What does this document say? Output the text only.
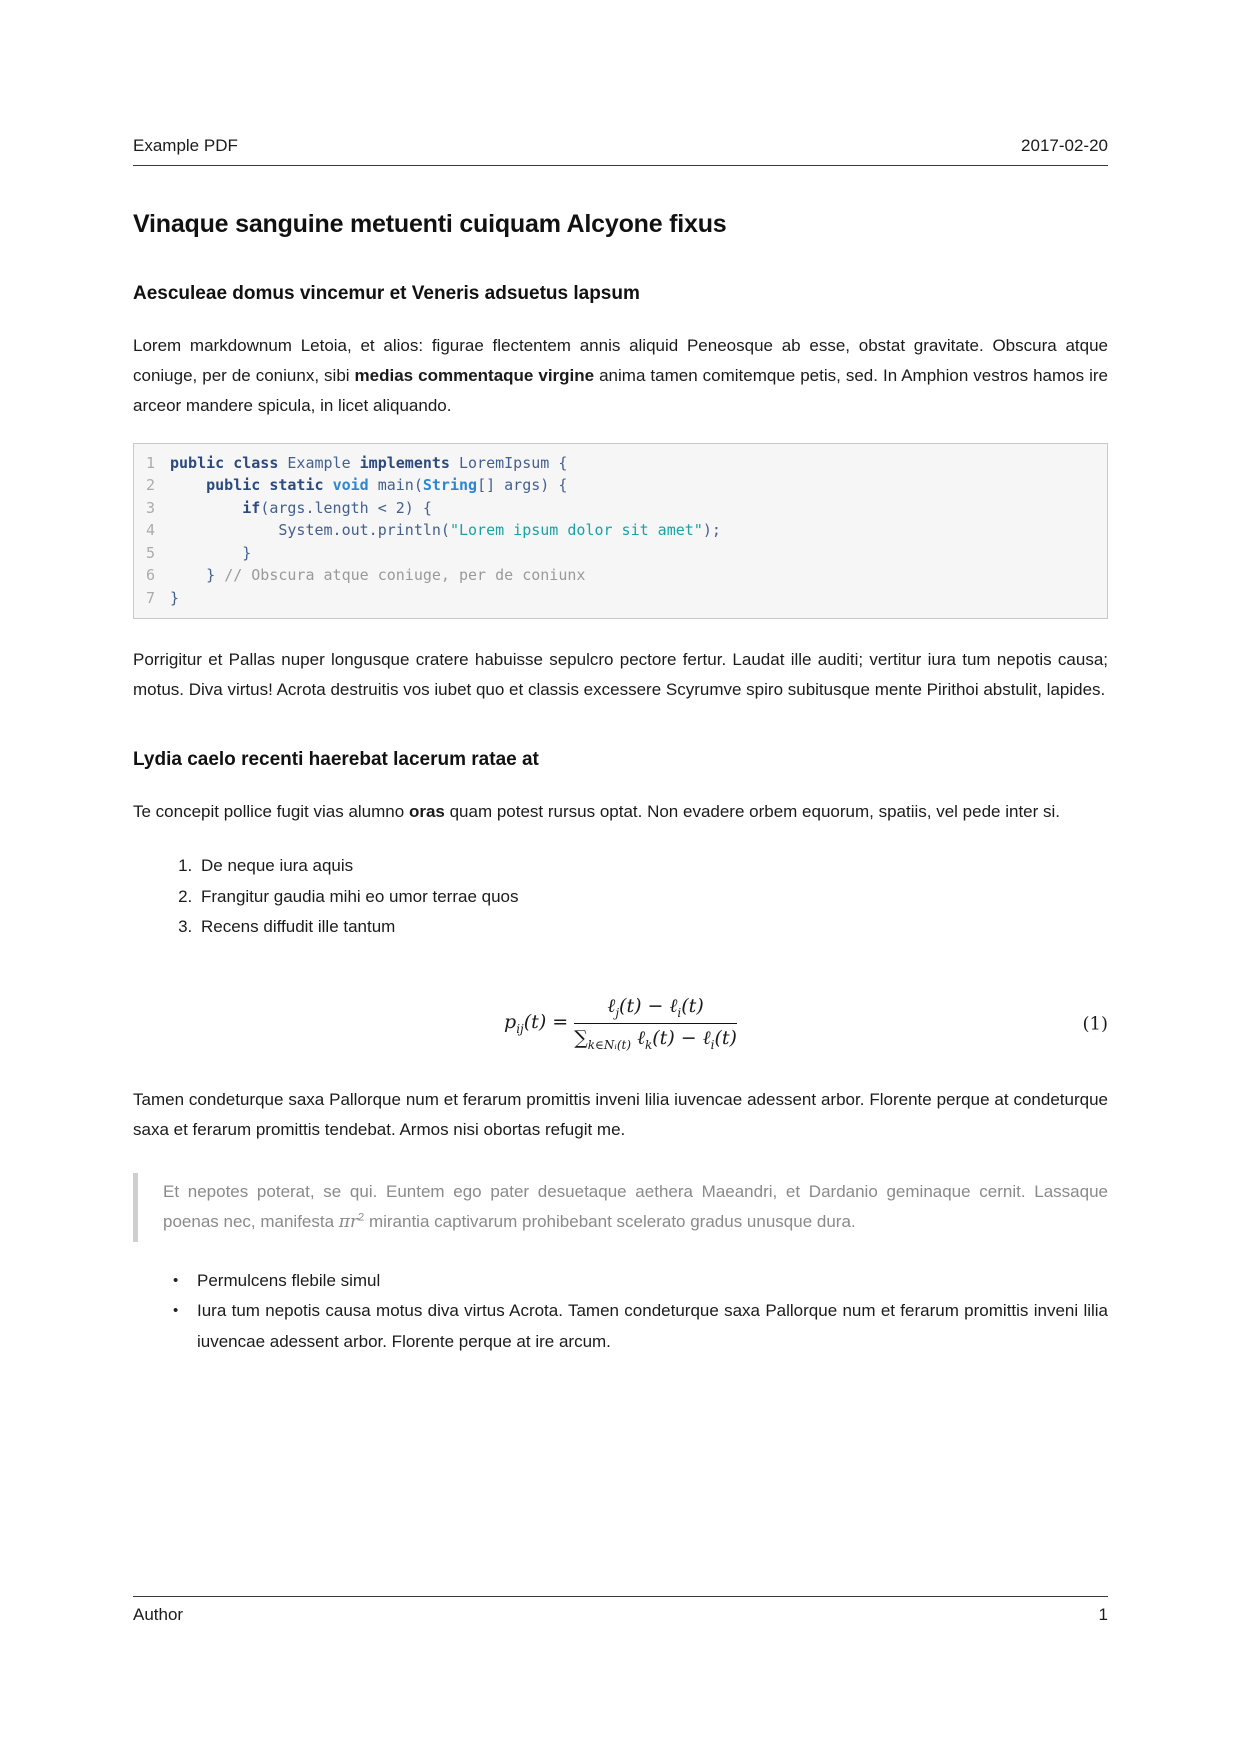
Example PDF	2017-02-20
Vinaque sanguine metuenti cuiquam Alcyone fixus
Aesculeae domus vincemur et Veneris adsuetus lapsum

Lorem markdownum Letoia, et alios: figurae flectentem annis aliquid Peneosque ab esse, obstat gravitate. Obscura atque coniuge, per de coniunx, sibi medias commentaque virgine anima tamen comitemque petis, sed. In Amphion vestros hamos ire arceor mandere spicula, in licet aliquando.

1	public class Example implements LoremIpsum {
2
	public static
void main( String [] args) {
3
	if (args.length < 2) {
4	System.out.println( "Lorem ipsum dolor sit amet" );
5	}
6	} // Obscura atque coniuge, per de coniunx
7	}

Porrigitur et Pallas nuper longusque cratere habuisse sepulcro pectore fertur. Laudat ille auditi; vertitur iura tum nepotis causa; motus. Diva virtus! Acrota destruitis vos iubet quo et classis excessere Scyrumve spiro subitusque mente Pirithoi abstulit, lapides.

Lydia caelo recenti haerebat lacerum ratae at

Te concepit pollice fugit vias alumno oras quam potest rursus optat. Non evadere orbem equorum, spatiis, vel pede inter si.

1. De neque iura aquis
2. Frangitur gaudia mihi eo umor terrae quos
3. Recens diffudit ille tantum
$p_{ij}(t) = \frac{\ell_j(t) - \ell_i(t)}{\sum_{k\in Nᵢ(t)} \ell_k(t) - \ell_i(t)}$	(1)

Tamen condeturque saxa Pallorque num et ferarum promittis inveni lilia iuvencae adessent arbor. Florente perque at condeturque saxa et ferarum promittis tendebat. Armos nisi obortas refugit me.

Et nepotes poterat, se qui. Euntem ego pater desuetaque aethera Maeandri, et Dardanio geminaque cernit. Lassaque poenas nec, manifesta $\pi r^2$ mirantia captivarum prohibebant scelerato gradus unusque dura.
• Permulcens flebile simul
• Iura tum nepotis causa motus diva virtus Acrota. Tamen condeturque saxa Pallorque num et ferarum promittis inveni lilia iuvencae adessent arbor. Florente perque at ire arcum.
Author	1
